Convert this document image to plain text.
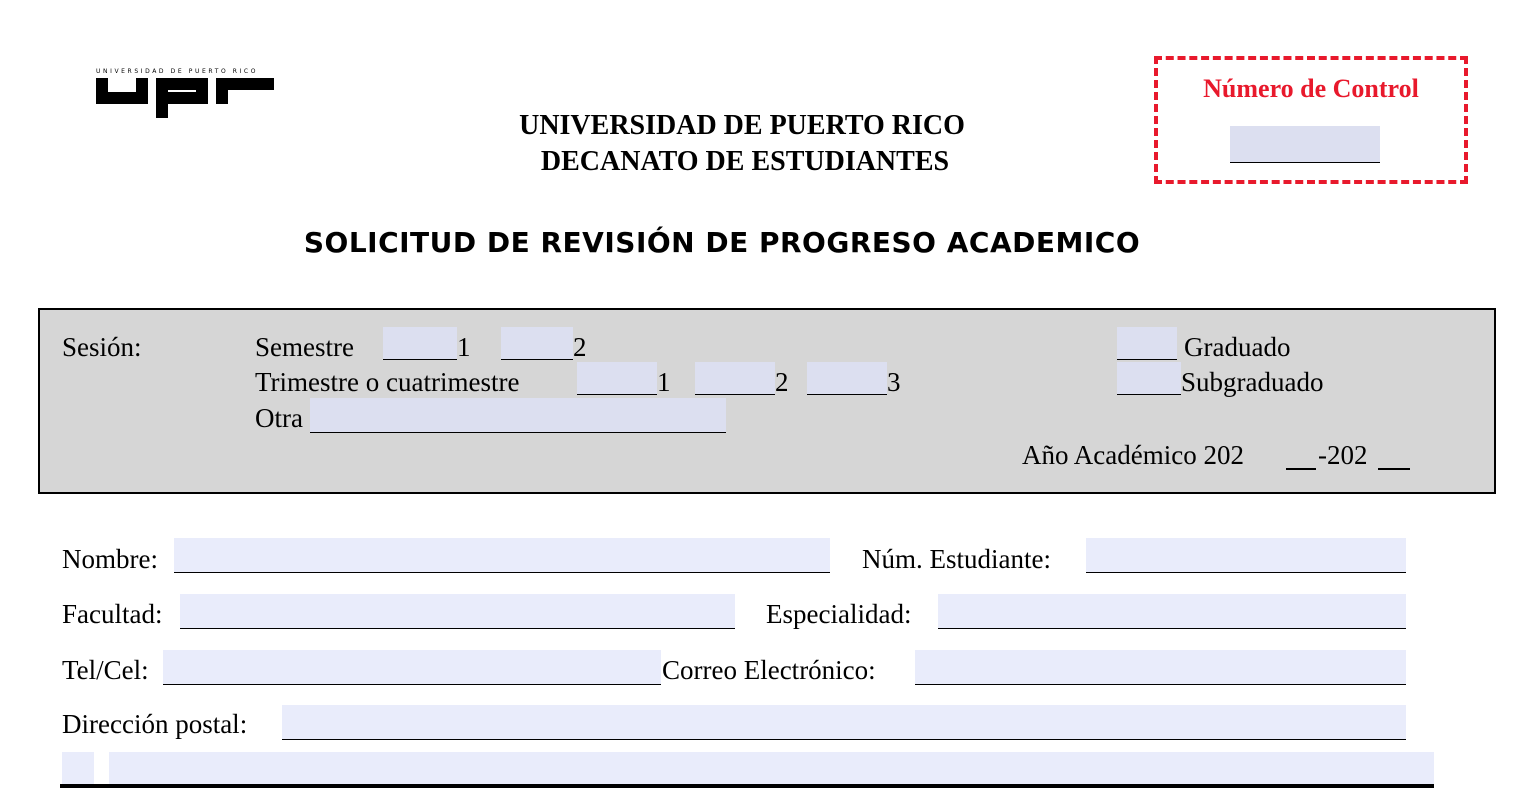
UNIVERSIDAD DE PUERTO RICO
UNIVERSIDAD DE PUERTO RICO
DECANATO DE ESTUDIANTES
Número de Control
SOLICITUD DE REVISIÓN DE PROGRESO ACADEMICO
Sesión:	Semestre	1	2
Trimestre o cuatrimestre	1	2	3
Otra
Graduado
Subgraduado
Año Académico 202	-202
Nombre:	Núm. Estudiante:
Facultad:	Especialidad:
Tel/Cel:	Correo Electrónico:
Dirección postal:
